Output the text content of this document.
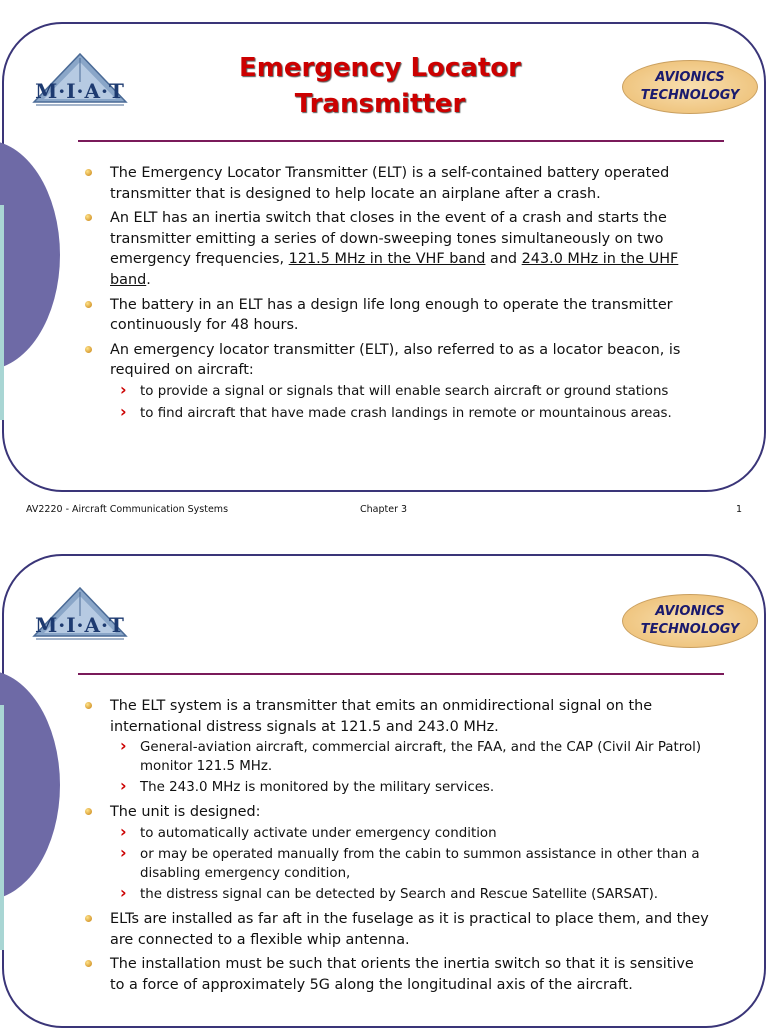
M·I·A·T
Emergency Locator
Transmitter
AVIONICS
TECHNOLOGY
The Emergency Locator Transmitter (ELT) is a self-contained battery operated transmitter that is designed to help locate an airplane after a crash.
An ELT has an inertia switch that closes in the event of a crash and starts the transmitter emitting a series of down-sweeping tones simultaneously on two emergency frequencies, 121.5 MHz in the VHF band and 243.0 MHz in the UHF band.
The battery in an ELT has a design life long enough to operate the transmitter continuously for 48 hours.
An emergency locator transmitter (ELT), also referred to as a locator beacon, is required on aircraft:
› to provide a signal or signals that will enable search aircraft or ground stations
› to find aircraft that have made crash landings in remote or mountainous areas.
AV2220 - Aircraft Communication Systems	Chapter 3	1
M·I·A·T
AVIONICS
TECHNOLOGY
The ELT system is a transmitter that emits an onmidirectional signal on the international distress signals at 121.5 and 243.0 MHz.
› General-aviation aircraft, commercial aircraft, the FAA, and the CAP (Civil Air Patrol) monitor 121.5 MHz.
› The 243.0 MHz is monitored by the military services.
The unit is designed:
› to automatically activate under emergency condition
› or may be operated manually from the cabin to summon assistance in other than a disabling emergency condition,
› the distress signal can be detected by Search and Rescue Satellite (SARSAT).
ELTs are installed as far aft in the fuselage as it is practical to place them, and they are connected to a flexible whip antenna.
The installation must be such that orients the inertia switch so that it is sensitive to a force of approximately 5G along the longitudinal axis of the aircraft.
